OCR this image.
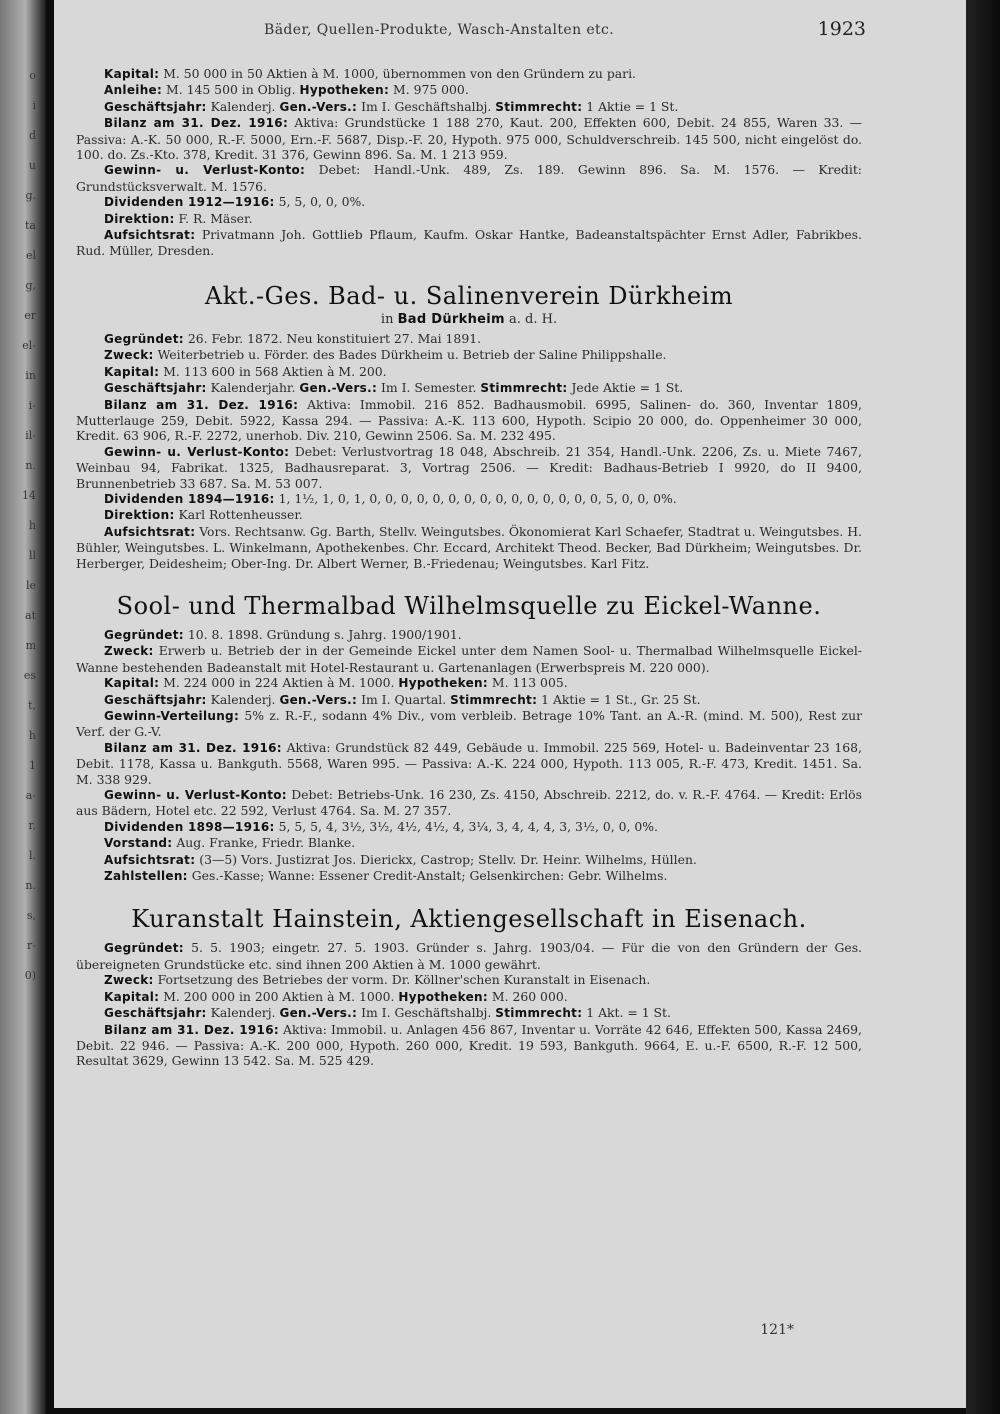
o
i
d
u
g.
ta
el
g,
er
el-
in
i-
il-
n.
14
h
ll
le
at
m
es
t,
h
1
a-
r,
l.
n.
s,
r-
0)
Bäder, Quellen-Produkte, Wasch-Anstalten etc.	1923

Kapital: M. 50 000 in 50 Aktien à M. 1000, übernommen von den Gründern zu pari.

Anleihe: M. 145 500 in Oblig. Hypotheken: M. 975 000.

Geschäftsjahr: Kalenderj. Gen.-Vers.: Im I. Geschäftshalbj. Stimmrecht: 1 Aktie = 1 St.

Bilanz am 31. Dez. 1916: Aktiva: Grundstücke 1 188 270, Kaut. 200, Effekten 600, Debit. 24 855, Waren 33. — Passiva: A.-K. 50 000, R.-F. 5000, Ern.-F. 5687, Disp.-F. 20, Hypoth. 975 000, Schuldverschreib. 145 500, nicht eingelöst do. 100. do. Zs.-Kto. 378, Kredit. 31 376, Gewinn 896. Sa. M. 1 213 959.

Gewinn- u. Verlust-Konto: Debet: Handl.-Unk. 489, Zs. 189. Gewinn 896. Sa. M. 1576. — Kredit: Grundstücksverwalt. M. 1576.

Dividenden 1912—1916: 5, 5, 0, 0, 0%.

Direktion: F. R. Mäser.

Aufsichtsrat: Privatmann Joh. Gottlieb Pflaum, Kaufm. Oskar Hantke, Badeanstaltspächter Ernst Adler, Fabrikbes. Rud. Müller, Dresden.

Akt.-Ges. Bad- u. Salinenverein Dürkheim
in Bad Dürkheim a. d. H.

Gegründet: 26. Febr. 1872. Neu konstituiert 27. Mai 1891.

Zweck: Weiterbetrieb u. Förder. des Bades Dürkheim u. Betrieb der Saline Philippshalle.

Kapital: M. 113 600 in 568 Aktien à M. 200.

Geschäftsjahr: Kalenderjahr. Gen.-Vers.: Im I. Semester. Stimmrecht: Jede Aktie = 1 St.

Bilanz am 31. Dez. 1916: Aktiva: Immobil. 216 852. Badhausmobil. 6995, Salinen- do. 360, Inventar 1809, Mutterlauge 259, Debit. 5922, Kassa 294. — Passiva: A.-K. 113 600, Hypoth. Scipio 20 000, do. Oppenheimer 30 000, Kredit. 63 906, R.-F. 2272, unerhob. Div. 210, Gewinn 2506. Sa. M. 232 495.

Gewinn- u. Verlust-Konto: Debet: Verlustvortrag 18 048, Abschreib. 21 354, Handl.-Unk. 2206, Zs. u. Miete 7467, Weinbau 94, Fabrikat. 1325, Badhausreparat. 3, Vortrag 2506. — Kredit: Badhaus-Betrieb I 9920, do II 9400, Brunnenbetrieb 33 687. Sa. M. 53 007.

Dividenden 1894—1916: 1, 1½, 1, 0, 1, 0, 0, 0, 0, 0, 0, 0, 0, 0, 0, 0, 0, 0, 0, 0, 5, 0, 0, 0%.

Direktion: Karl Rottenheusser.

Aufsichtsrat: Vors. Rechtsanw. Gg. Barth, Stellv. Weingutsbes. Ökonomierat Karl Schaefer, Stadtrat u. Weingutsbes. H. Bühler, Weingutsbes. L. Winkelmann, Apothekenbes. Chr. Eccard, Architekt Theod. Becker, Bad Dürkheim; Weingutsbes. Dr. Herberger, Deidesheim; Ober-Ing. Dr. Albert Werner, B.-Friedenau; Weingutsbes. Karl Fitz.

Sool- und Thermalbad Wilhelmsquelle zu Eickel-Wanne.

Gegründet: 10. 8. 1898. Gründung s. Jahrg. 1900/1901.

Zweck: Erwerb u. Betrieb der in der Gemeinde Eickel unter dem Namen Sool- u. Thermalbad Wilhelmsquelle Eickel-Wanne bestehenden Badeanstalt mit Hotel-Restaurant u. Gartenanlagen (Erwerbspreis M. 220 000).

Kapital: M. 224 000 in 224 Aktien à M. 1000. Hypotheken: M. 113 005.

Geschäftsjahr: Kalenderj. Gen.-Vers.: Im I. Quartal. Stimmrecht: 1 Aktie = 1 St., Gr. 25 St.

Gewinn-Verteilung: 5% z. R.-F., sodann 4% Div., vom verbleib. Betrage 10% Tant. an A.-R. (mind. M. 500), Rest zur Verf. der G.-V.

Bilanz am 31. Dez. 1916: Aktiva: Grundstück 82 449, Gebäude u. Immobil. 225 569, Hotel- u. Badeinventar 23 168, Debit. 1178, Kassa u. Bankguth. 5568, Waren 995. — Passiva: A.-K. 224 000, Hypoth. 113 005, R.-F. 473, Kredit. 1451. Sa. M. 338 929.

Gewinn- u. Verlust-Konto: Debet: Betriebs-Unk. 16 230, Zs. 4150, Abschreib. 2212, do. v. R.-F. 4764. — Kredit: Erlös aus Bädern, Hotel etc. 22 592, Verlust 4764. Sa. M. 27 357.

Dividenden 1898—1916: 5, 5, 5, 4, 3½, 3½, 4½, 4½, 4, 3¼, 3, 4, 4, 4, 3, 3½, 0, 0, 0%.

Vorstand: Aug. Franke, Friedr. Blanke.

Aufsichtsrat: (3—5) Vors. Justizrat Jos. Dierickx, Castrop; Stellv. Dr. Heinr. Wilhelms, Hüllen.

Zahlstellen: Ges.-Kasse; Wanne: Essener Credit-Anstalt; Gelsenkirchen: Gebr. Wilhelms.

Kuranstalt Hainstein, Aktiengesellschaft in Eisenach.

Gegründet: 5. 5. 1903; eingetr. 27. 5. 1903. Gründer s. Jahrg. 1903/04. — Für die von den Gründern der Ges. übereigneten Grundstücke etc. sind ihnen 200 Aktien à M. 1000 gewährt.

Zweck: Fortsetzung des Betriebes der vorm. Dr. Köllner'schen Kuranstalt in Eisenach.

Kapital: M. 200 000 in 200 Aktien à M. 1000. Hypotheken: M. 260 000.

Geschäftsjahr: Kalenderj. Gen.-Vers.: Im I. Geschäftshalbj. Stimmrecht: 1 Akt. = 1 St.

Bilanz am 31. Dez. 1916: Aktiva: Immobil. u. Anlagen 456 867, Inventar u. Vorräte 42 646, Effekten 500, Kassa 2469, Debit. 22 946. — Passiva: A.-K. 200 000, Hypoth. 260 000, Kredit. 19 593, Bankguth. 9664, E. u.-F. 6500, R.-F. 12 500, Resultat 3629, Gewinn 13 542. Sa. M. 525 429.

121*
